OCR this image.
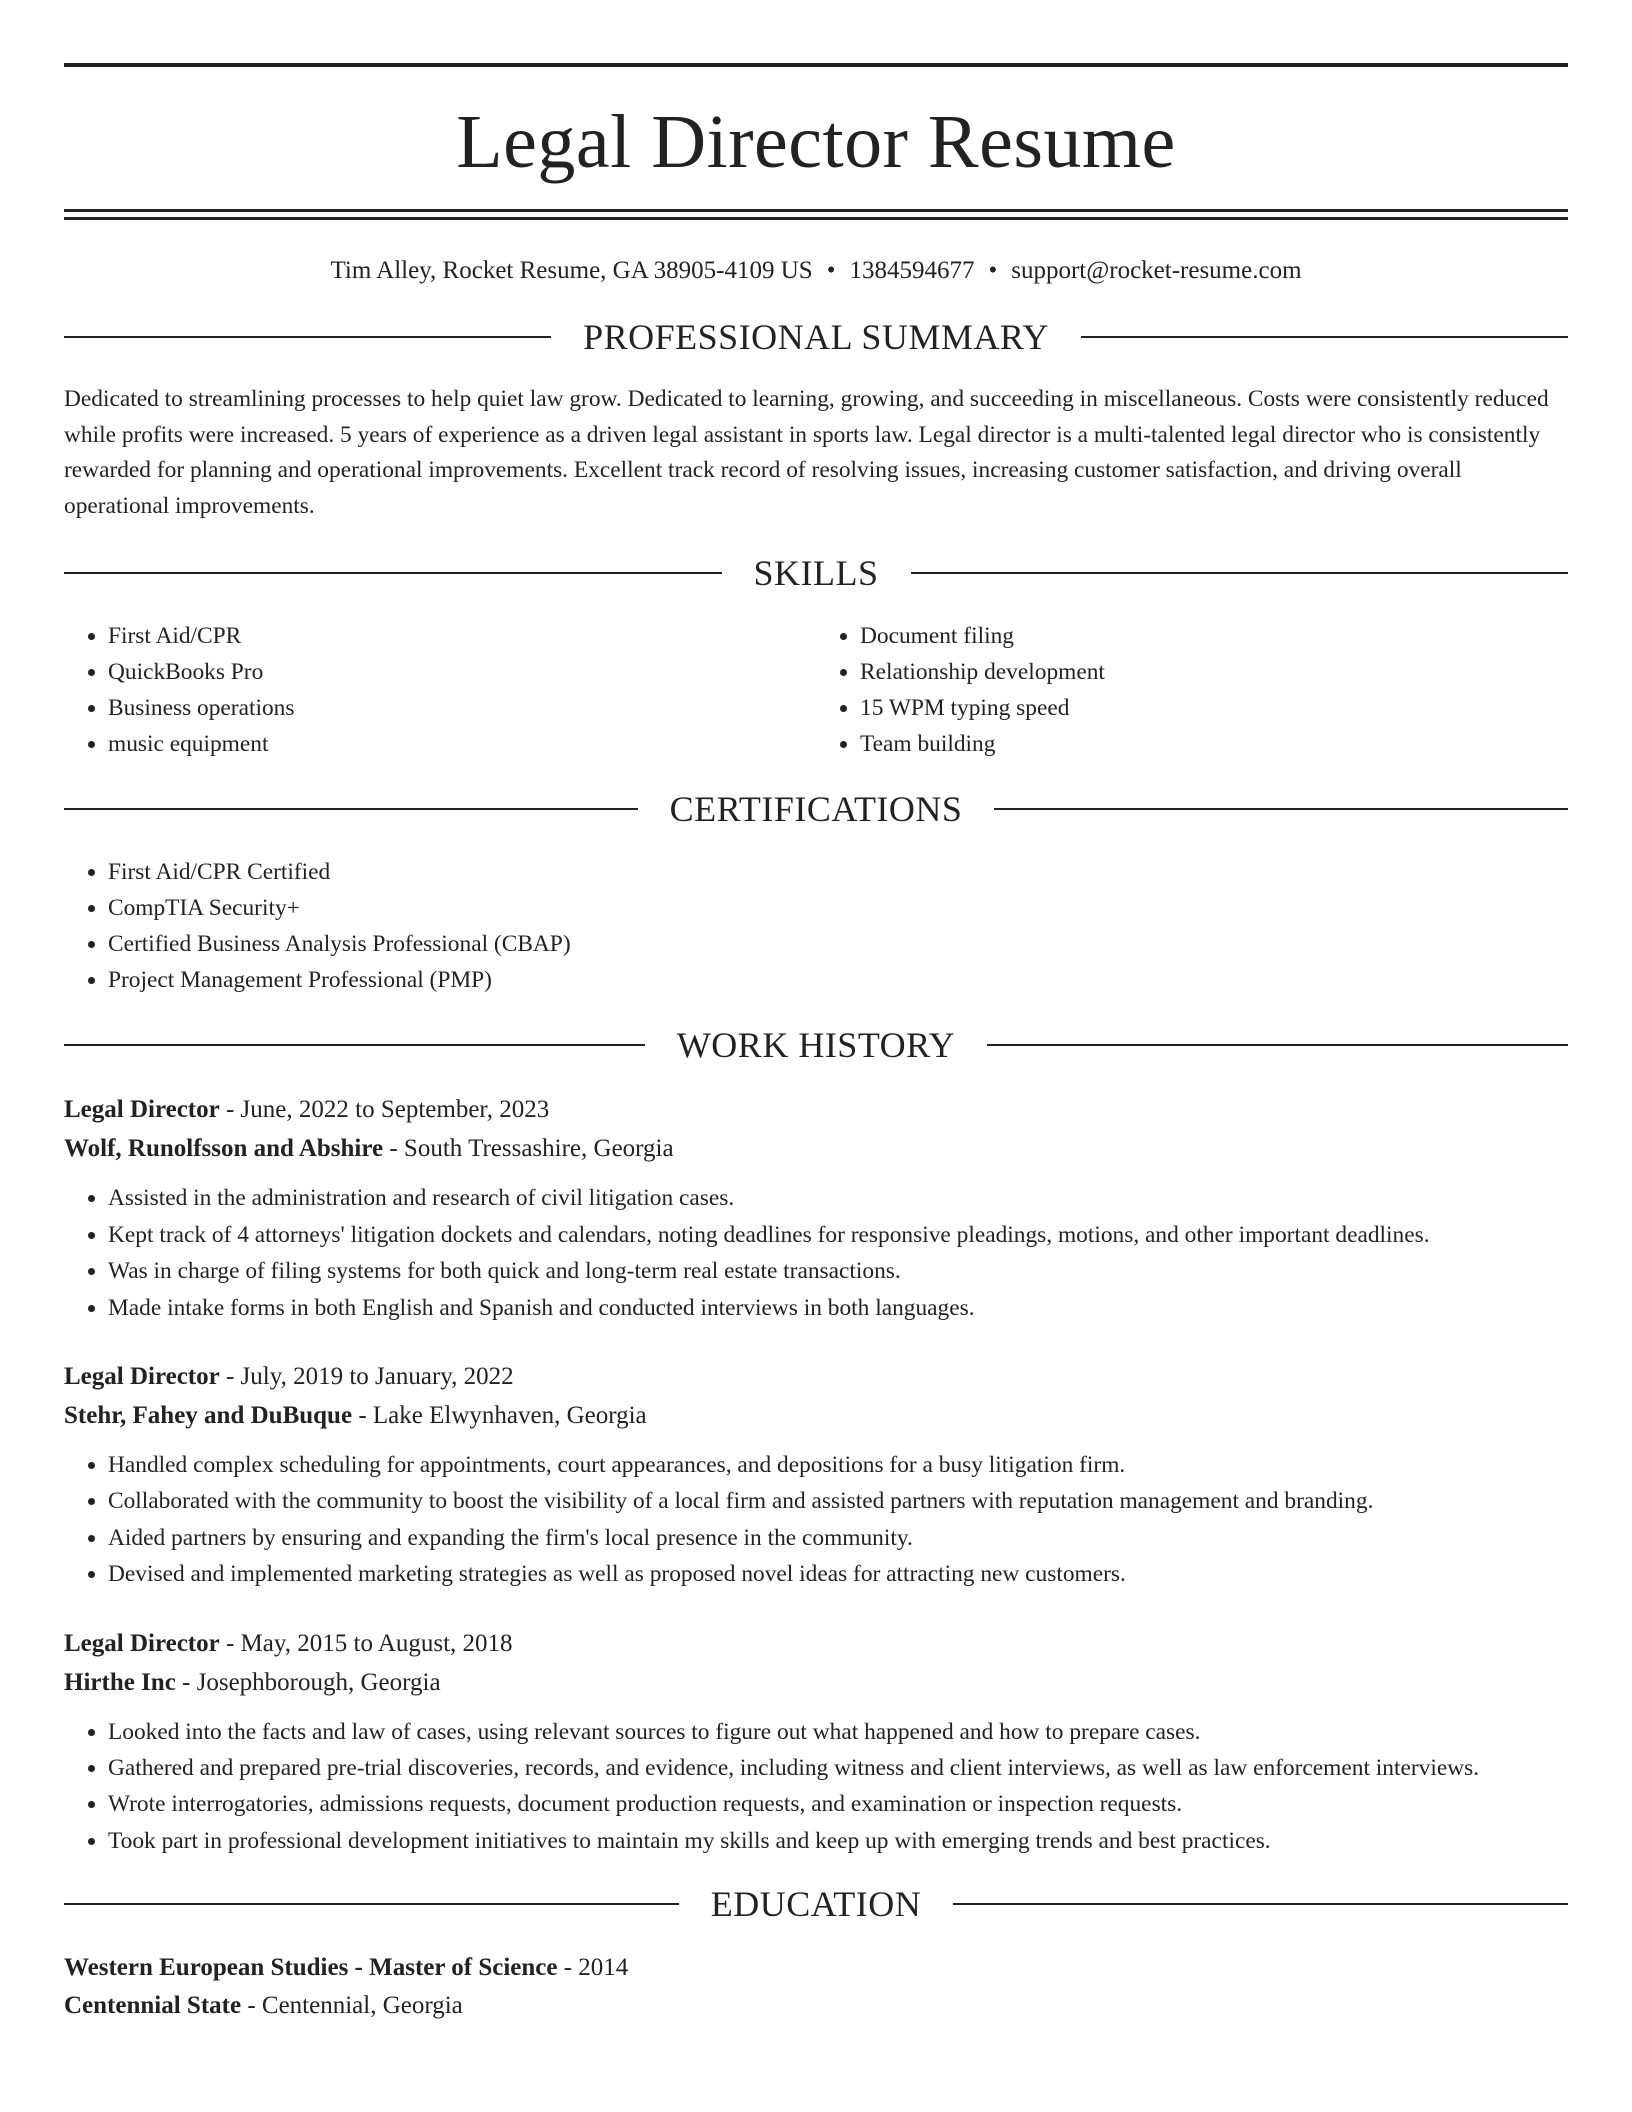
Legal Director Resume
Tim Alley, Rocket Resume, GA 38905-4109 US • 1384594677 • support@rocket-resume.com
PROFESSIONAL SUMMARY

Dedicated to streamlining processes to help quiet law grow. Dedicated to learning, growing, and succeeding in miscellaneous. Costs were consistently reduced while profits were increased. 5 years of experience as a driven legal assistant in sports law. Legal director is a multi-talented legal director who is consistently rewarded for planning and operational improvements. Excellent track record of resolving issues, increasing customer satisfaction, and driving overall operational improvements.

SKILLS
• First Aid/CPR
• QuickBooks Pro
• Business operations
• music equipment
• Document filing
• Relationship development
• 15 WPM typing speed
• Team building
CERTIFICATIONS
• First Aid/CPR Certified
• CompTIA Security+
• Certified Business Analysis Professional (CBAP)
• Project Management Professional (PMP)
WORK HISTORY
Legal Director - June, 2022 to September, 2023
Wolf, Runolfsson and Abshire - South Tressashire, Georgia
• Assisted in the administration and research of civil litigation cases.
• Kept track of 4 attorneys' litigation dockets and calendars, noting deadlines for responsive pleadings, motions, and other important deadlines.
• Was in charge of filing systems for both quick and long-term real estate transactions.
• Made intake forms in both English and Spanish and conducted interviews in both languages.
Legal Director - July, 2019 to January, 2022
Stehr, Fahey and DuBuque - Lake Elwynhaven, Georgia
• Handled complex scheduling for appointments, court appearances, and depositions for a busy litigation firm.
• Collaborated with the community to boost the visibility of a local firm and assisted partners with reputation management and branding.
• Aided partners by ensuring and expanding the firm's local presence in the community.
• Devised and implemented marketing strategies as well as proposed novel ideas for attracting new customers.
Legal Director - May, 2015 to August, 2018
Hirthe Inc - Josephborough, Georgia
• Looked into the facts and law of cases, using relevant sources to figure out what happened and how to prepare cases.
• Gathered and prepared pre-trial discoveries, records, and evidence, including witness and client interviews, as well as law enforcement interviews.
• Wrote interrogatories, admissions requests, document production requests, and examination or inspection requests.
• Took part in professional development initiatives to maintain my skills and keep up with emerging trends and best practices.
EDUCATION
Western European Studies - Master of Science - 2014
Centennial State - Centennial, Georgia
